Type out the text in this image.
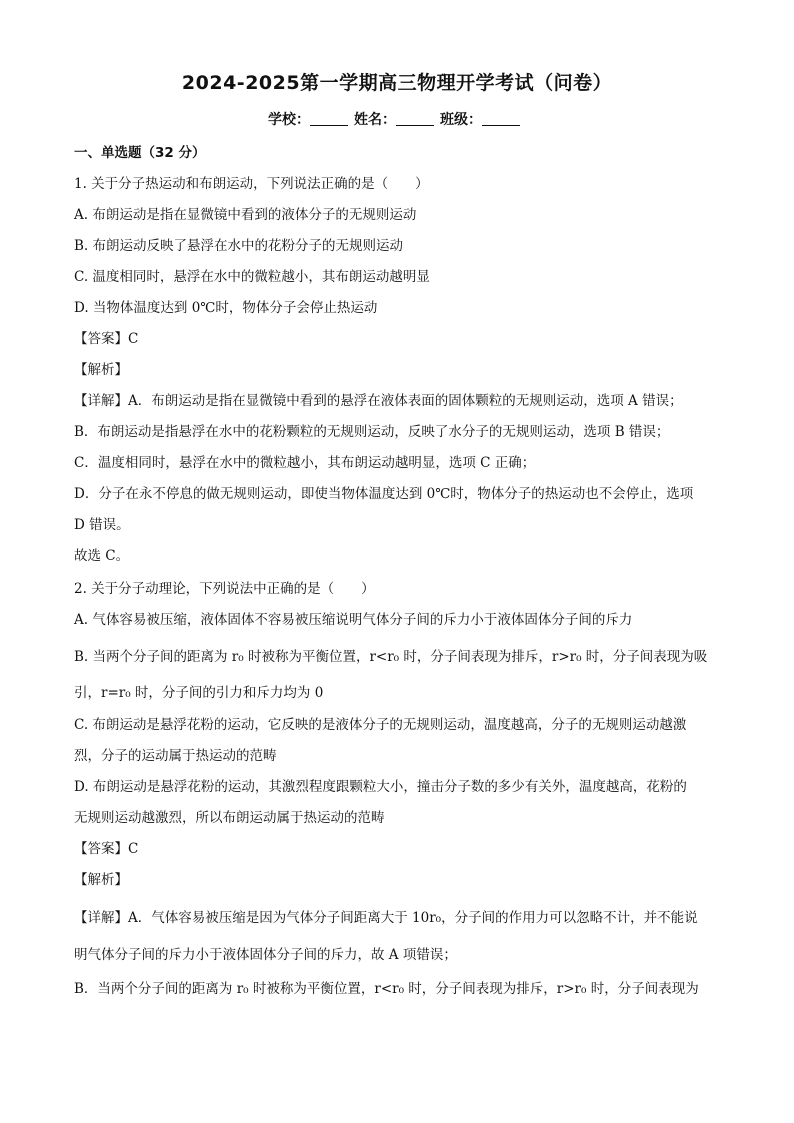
2024-2025第一学期高三物理开学考试（问卷）
学校：	姓名：	班级：
一、单选题（32 分）
1. 关于分子热运动和布朗运动，下列说法正确的是（　　）
A. 布朗运动是指在显微镜中看到的液体分子的无规则运动
B. 布朗运动反映了悬浮在水中的花粉分子的无规则运动
C. 温度相同时，悬浮在水中的微粒越小，其布朗运动越明显
D. 当物体温度达到 0℃时，物体分子会停止热运动
【答案】C
【解析】
【详解】A．布朗运动是指在显微镜中看到的悬浮在液体表面的固体颗粒的无规则运动，选项 A 错误；
B．布朗运动是指悬浮在水中的花粉颗粒的无规则运动，反映了水分子的无规则运动，选项 B 错误；
C．温度相同时，悬浮在水中的微粒越小，其布朗运动越明显，选项 C 正确；
D．分子在永不停息的做无规则运动，即使当物体温度达到 0℃时，物体分子的热运动也不会停止，选项
D 错误。
故选 C。
2. 关于分子动理论，下列说法中正确的是（　　）
A. 气体容易被压缩，液体固体不容易被压缩说明气体分子间的斥力小于液体固体分子间的斥力
B. 当两个分子间的距离为 r₀ 时被称为平衡位置，r<r₀ 时，分子间表现为排斥，r>r₀ 时，分子间表现为吸
引，r=r₀ 时，分子间的引力和斥力均为 0
C. 布朗运动是悬浮花粉的运动，它反映的是液体分子的无规则运动，温度越高，分子的无规则运动越激
烈，分子的运动属于热运动的范畴
D. 布朗运动是悬浮花粉的运动，其激烈程度跟颗粒大小，撞击分子数的多少有关外，温度越高，花粉的
无规则运动越激烈，所以布朗运动属于热运动的范畴
【答案】C
【解析】
【详解】A．气体容易被压缩是因为气体分子间距离大于 10r₀，分子间的作用力可以忽略不计，并不能说
明气体分子间的斥力小于液体固体分子间的斥力，故 A 项错误；
B．当两个分子间的距离为 r₀ 时被称为平衡位置，r<r₀ 时，分子间表现为排斥，r>r₀ 时，分子间表现为
